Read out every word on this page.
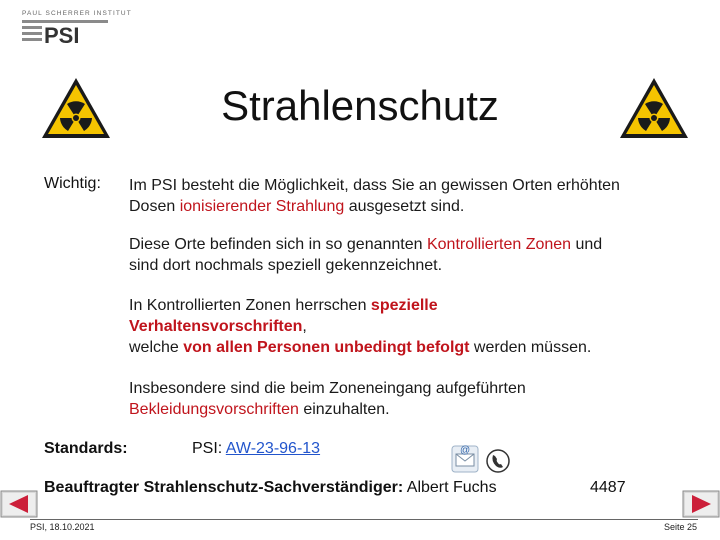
PAUL SCHERRER INSTITUT
PSI
Strahlenschutz
Wichtig: Im PSI besteht die Möglichkeit, dass Sie an gewissen Orten erhöhten
Dosen ionisierender Strahlung ausgesetzt sind.
Diese Orte befinden sich in so genannten Kontrollierten Zonen und
sind dort nochmals speziell gekennzeichnet.
In Kontrollierten Zonen herrschen spezielle
Verhaltensvorschriften,
welche von allen Personen unbedingt befolgt werden müssen.
Insbesondere sind die beim Zoneneingang aufgeführten
Bekleidungsvorschriften einzuhalten.
Standards:	PSI: AW-23-96-13	@
Beauftragter Strahlenschutz-Sachverständiger: Albert Fuchs	4487
PSI, 18.10.2021	Seite 25
